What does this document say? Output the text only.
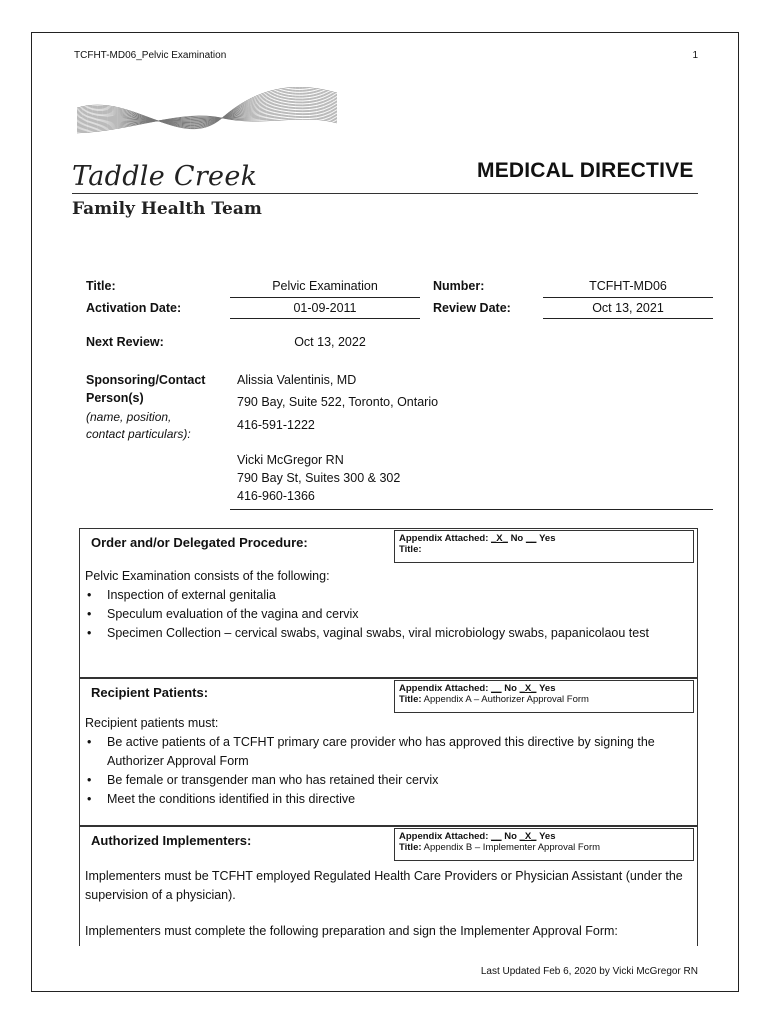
TCFHT-MD06_Pelvic Examination	1
Taddle Creek
Family Health Team
MEDICAL DIRECTIVE
Title:	Pelvic Examination	Number:	TCFHT-MD06
Activation Date:	01-09-2011	Review Date:	Oct 13, 2021
Next Review:	Oct 13, 2022
Sponsoring/Contact
Person(s)
(name, position,
contact particulars):
Alissia Valentinis, MD
790 Bay, Suite 522, Toronto, Ontario
416-591-1222
Vicki McGregor RN
790 Bay St, Suites 300 & 302
416-960-1366
Order and/or Delegated Procedure:	Appendix Attached: _X_ No __ Yes
Title:
Pelvic Examination consists of the following:
• Inspection of external genitalia
• Speculum evaluation of the vagina and cervix
• Specimen Collection – cervical swabs, vaginal swabs, viral microbiology swabs, papanicolaou test
Recipient Patients:	Appendix Attached: __ No _X_ Yes
Title: Appendix A – Authorizer Approval Form
Recipient patients must:
• Be active patients of a TCFHT primary care provider who has approved this directive by signing the Authorizer Approval Form
• Be female or transgender man who has retained their cervix
• Meet the conditions identified in this directive
Authorized Implementers:	Appendix Attached: __ No _X_ Yes
Title: Appendix B – Implementer Approval Form
Implementers must be TCFHT employed Regulated Health Care Providers or Physician Assistant (under the supervision of a physician).
Implementers must complete the following preparation and sign the Implementer Approval Form:
Last Updated Feb 6, 2020 by Vicki McGregor RN
